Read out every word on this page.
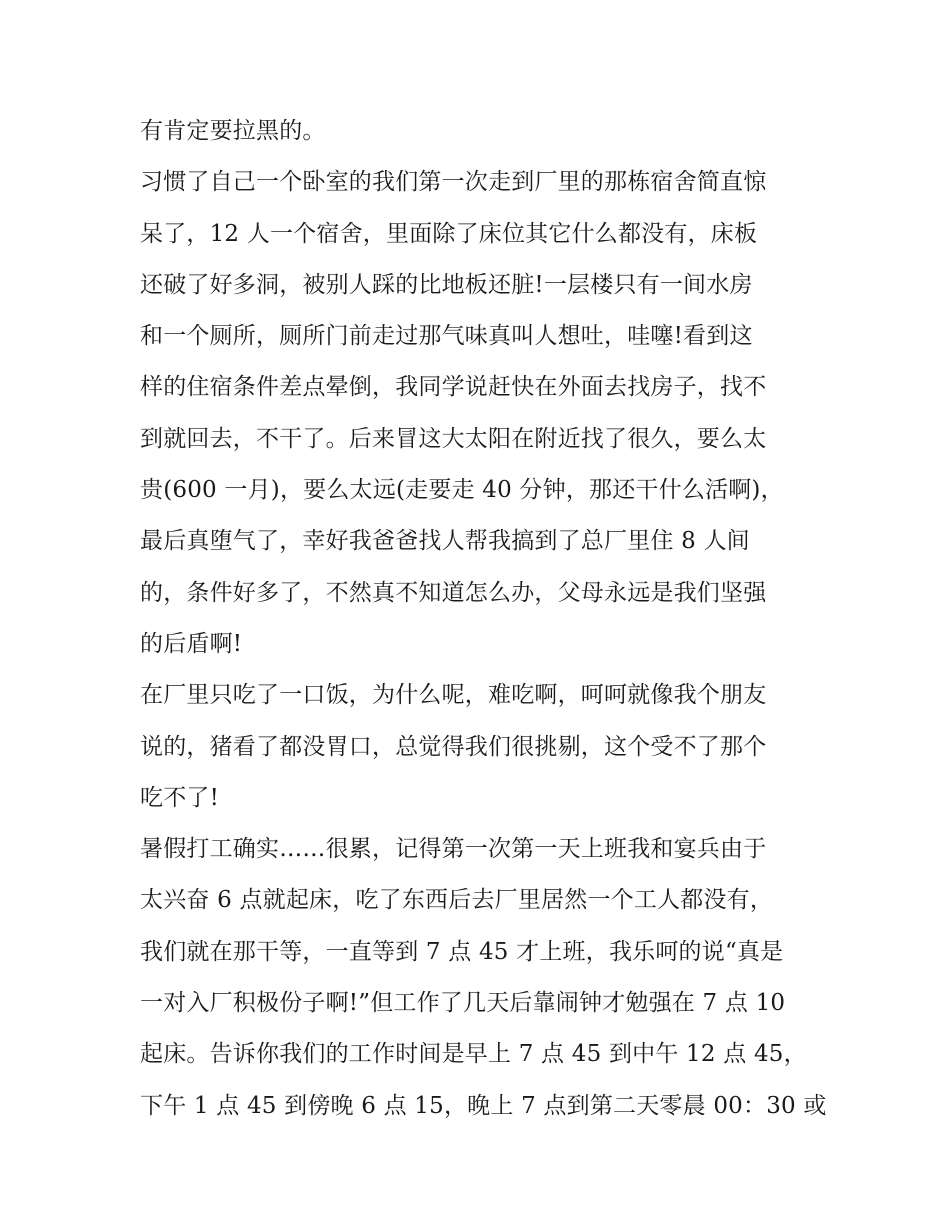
有肯定要拉黑的。
习惯了自己一个卧室的我们第一次走到厂里的那栋宿舍简直惊
呆了，12 人一个宿舍，里面除了床位其它什么都没有，床板
还破了好多洞，被别人踩的比地板还脏!一层楼只有一间水房
和一个厕所，厕所门前走过那气味真叫人想吐，哇噻!看到这
样的住宿条件差点晕倒，我同学说赶快在外面去找房子，找不
到就回去，不干了。后来冒这大太阳在附近找了很久，要么太
贵(600 一月)，要么太远(走要走 40 分钟，那还干什么活啊)，
最后真堕气了，幸好我爸爸找人帮我搞到了总厂里住 8 人间
的，条件好多了，不然真不知道怎么办，父母永远是我们坚强
的后盾啊!
在厂里只吃了一口饭，为什么呢，难吃啊，呵呵就像我个朋友
说的，猪看了都没胃口，总觉得我们很挑剔，这个受不了那个
吃不了!
暑假打工确实……很累，记得第一次第一天上班我和宴兵由于
太兴奋 6 点就起床，吃了东西后去厂里居然一个工人都没有，
我们就在那干等，一直等到 7 点 45 才上班，我乐呵的说“真是
一对入厂积极份子啊!”但工作了几天后靠闹钟才勉强在 7 点 10
起床。告诉你我们的工作时间是早上 7 点 45 到中午 12 点 45，
下午 1 点 45 到傍晚 6 点 15，晚上 7 点到第二天零晨 00：30 或
